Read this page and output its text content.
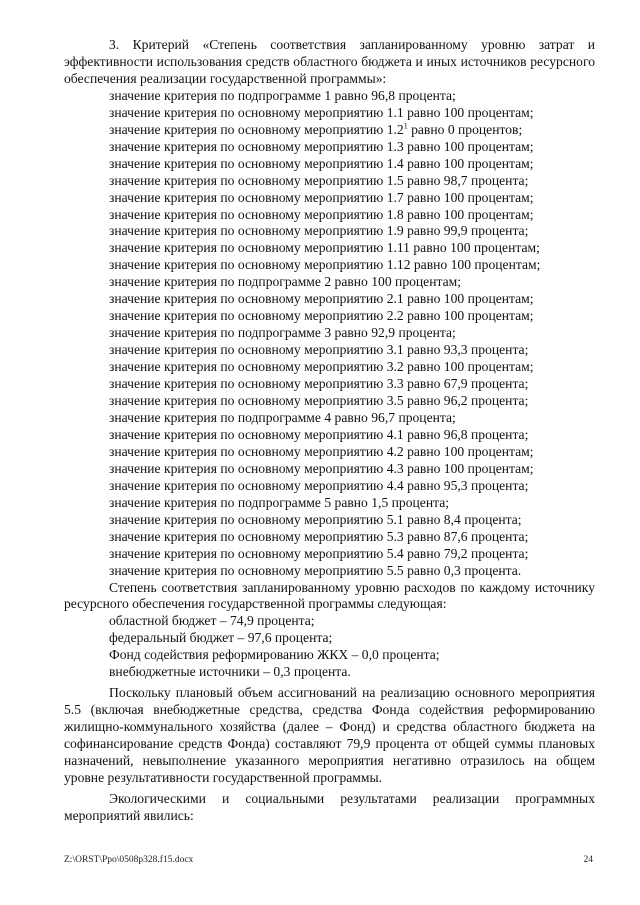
3. Критерий «Степень соответствия запланированному уровню затрат и эффективности использования средств областного бюджета и иных источников ресурсного обеспечения реализации государственной программы»:

значение критерия по подпрограмме 1 равно 96,8 процента;

значение критерия по основному мероприятию 1.1 равно 100 процентам;

значение критерия по основному мероприятию $1.2^1$ равно 0 процентов;

значение критерия по основному мероприятию 1.3 равно 100 процентам;

значение критерия по основному мероприятию 1.4 равно 100 процентам;

значение критерия по основному мероприятию 1.5 равно 98,7 процента;

значение критерия по основному мероприятию 1.7 равно 100 процентам;

значение критерия по основному мероприятию 1.8 равно 100 процентам;

значение критерия по основному мероприятию 1.9 равно 99,9 процента;

значение критерия по основному мероприятию 1.11 равно 100 процентам;

значение критерия по основному мероприятию 1.12 равно 100 процентам;

значение критерия по подпрограмме 2 равно 100 процентам;

значение критерия по основному мероприятию 2.1 равно 100 процентам;

значение критерия по основному мероприятию 2.2 равно 100 процентам;

значение критерия по подпрограмме 3 равно 92,9 процента;

значение критерия по основному мероприятию 3.1 равно 93,3 процента;

значение критерия по основному мероприятию 3.2 равно 100 процентам;

значение критерия по основному мероприятию 3.3 равно 67,9 процента;

значение критерия по основному мероприятию 3.5 равно 96,2 процента;

значение критерия по подпрограмме 4 равно 96,7 процента;

значение критерия по основному мероприятию 4.1 равно 96,8 процента;

значение критерия по основному мероприятию 4.2 равно 100 процентам;

значение критерия по основному мероприятию 4.3 равно 100 процентам;

значение критерия по основному мероприятию 4.4 равно 95,3 процента;

значение критерия по подпрограмме 5 равно 1,5 процента;

значение критерия по основному мероприятию 5.1 равно 8,4 процента;

значение критерия по основному мероприятию 5.3 равно 87,6 процента;

значение критерия по основному мероприятию 5.4 равно 79,2 процента;

значение критерия по основному мероприятию 5.5 равно 0,3 процента.

Степень соответствия запланированному уровню расходов по каждому источнику ресурсного обеспечения государственной программы следующая:

областной бюджет – 74,9 процента;

федеральный бюджет – 97,6 процента;

Фонд содействия реформированию ЖКХ – 0,0 процента;

внебюджетные источники – 0,3 процента.

Поскольку плановый объем ассигнований на реализацию основного мероприятия 5.5 (включая внебюджетные средства, средства Фонда содействия реформированию жилищно-коммунального хозяйства (далее – Фонд) и средства областного бюджета на софинансирование средств Фонда) составляют 79,9 процента от общей суммы плановых назначений, невыполнение указанного мероприятия негативно отразилось на общем уровне результативности государственной программы.

Экологическими и социальными результатами реализации программных мероприятий явились:

Z:\ORST\Ppo\0508p328.f15.docx	24
